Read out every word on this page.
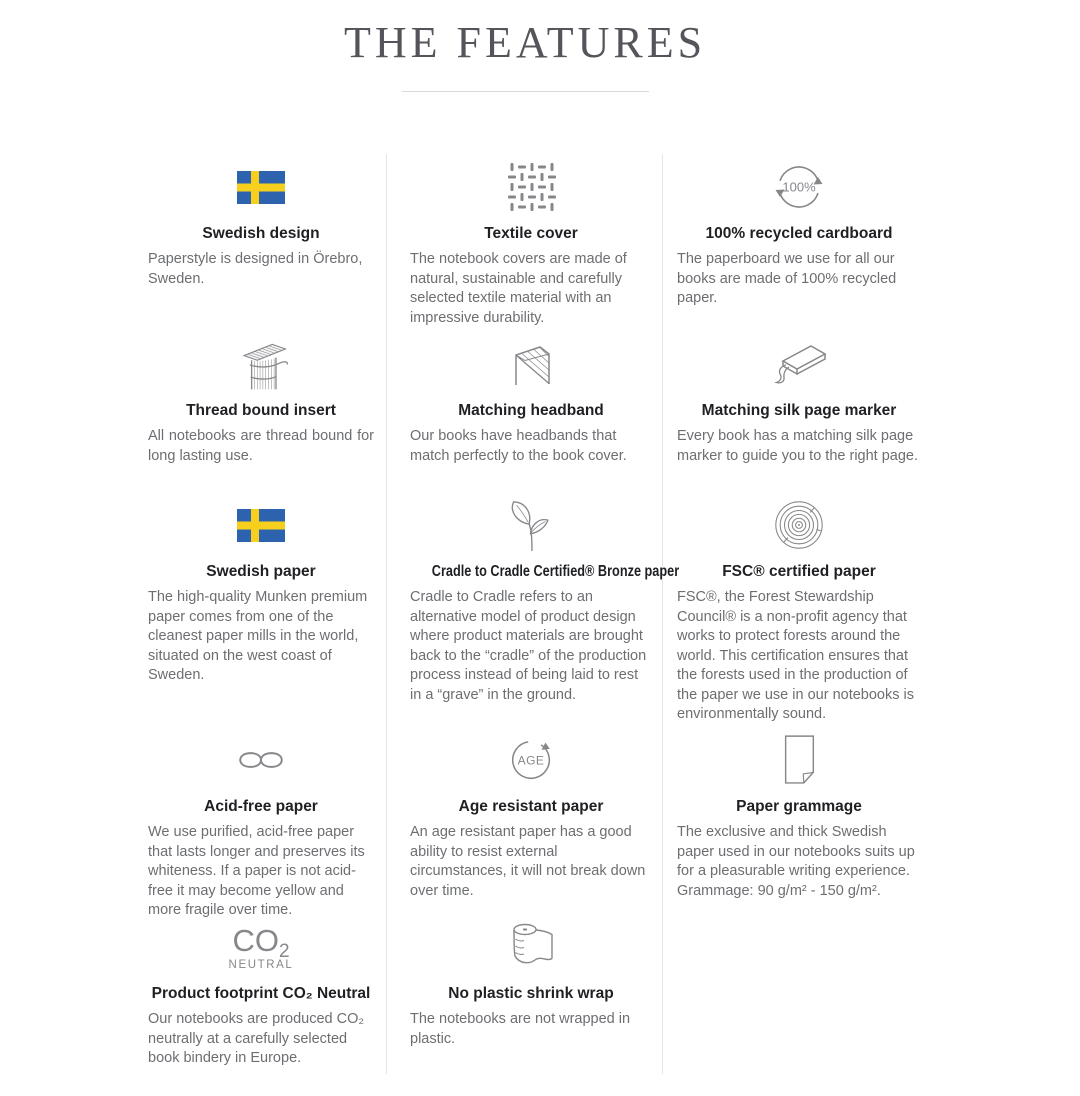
THE FEATURES
Swedish design

Paperstyle is designed in Örebro, Sweden.

Textile cover

The notebook covers are made of natural, sustainable and carefully selected textile material with an impressive durability.

100%
100% recycled cardboard

The paperboard we use for all our books are made of 100% recycled paper.

Thread bound insert

All notebooks are thread bound for long lasting use.

Matching headband

Our books have headbands that match perfectly to the book cover.

Matching silk page marker

Every book has a matching silk page marker to guide you to the right page.

Swedish paper

The high-quality Munken premium paper comes from one of the cleanest paper mills in the world, situated on the west coast of Sweden.

Cradle to Cradle Certified® Bronze paper

Cradle to Cradle refers to an alternative model of product design where product materials are brought back to the “cradle” of the production process instead of being laid to rest in a “grave” in the ground.

FSC® certified paper

FSC®, the Forest Stewardship Council® is a non-profit agency that works to protect forests around the world. This certification ensures that the forests used in the production of the paper we use in our notebooks is environmentally sound.

Acid-free paper

We use purified, acid-free paper that lasts longer and preserves its whiteness. If a paper is not acid-free it may become yellow and more fragile over time.

AGE
Age resistant paper

An age resistant paper has a good ability to resist external circumstances, it will not break down over time.

Paper grammage

The exclusive and thick Swedish paper used in our notebooks suits up for a pleasurable writing experience. Grammage: 90 g/m² - 150 g/m².

CO2
NEUTRAL
Product footprint CO₂ Neutral

Our notebooks are produced CO₂ neutrally at a carefully selected book bindery in Europe.

No plastic shrink wrap

The notebooks are not wrapped in plastic.
